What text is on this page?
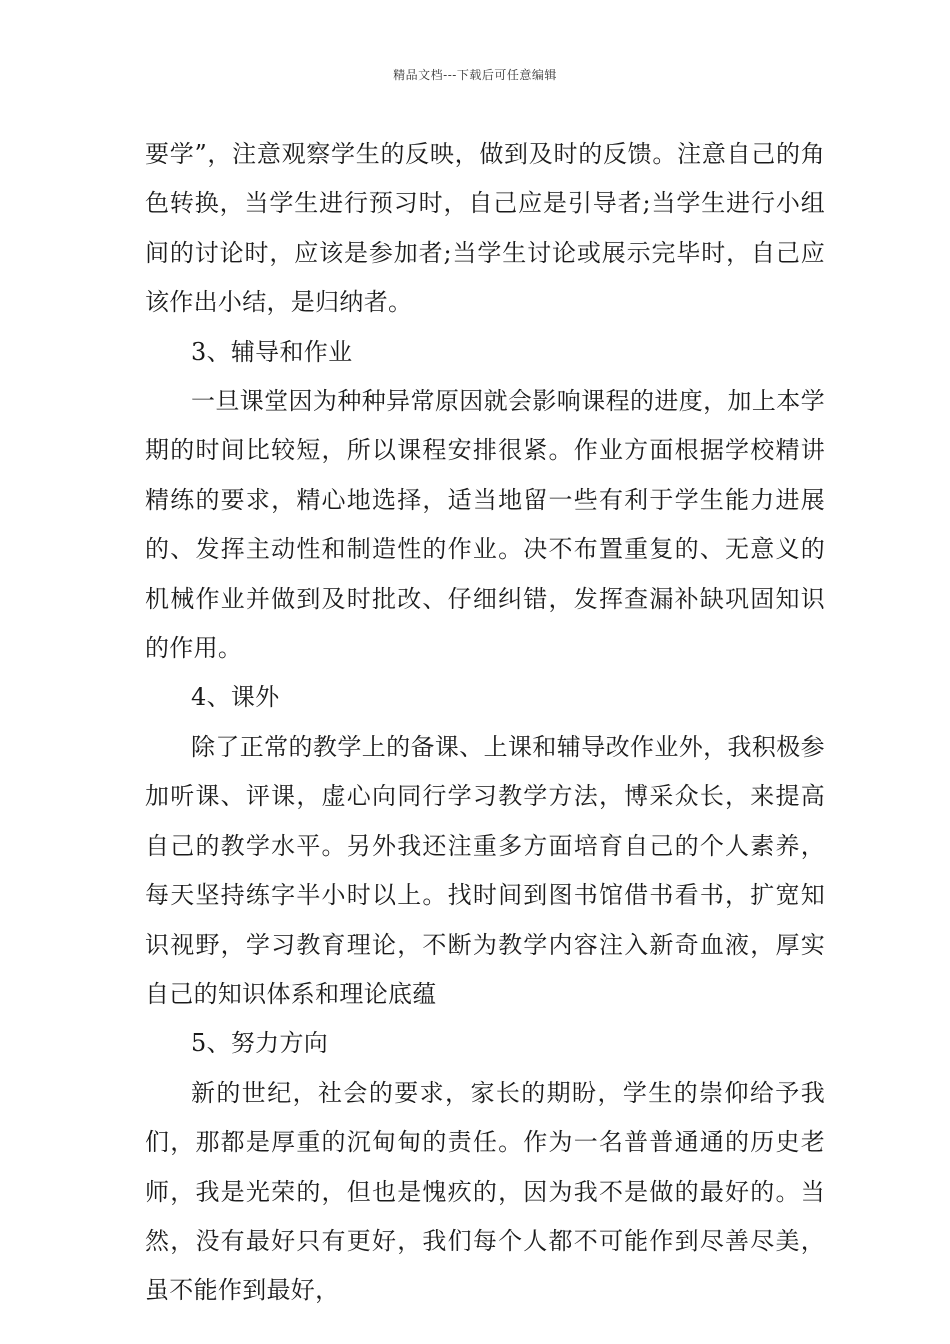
精品文档---下载后可任意编辑

要学”，注意观察学生的反映，做到及时的反馈。注意自己的角色转换，当学生进行预习时，自己应是引导者;当学生进行小组间的讨论时，应该是参加者;当学生讨论或展示完毕时，自己应该作出小结，是归纳者。

3、辅导和作业

一旦课堂因为种种异常原因就会影响课程的进度，加上本学期的时间比较短，所以课程安排很紧。作业方面根据学校精讲精练的要求，精心地选择，适当地留一些有利于学生能力进展的、发挥主动性和制造性的作业。决不布置重复的、无意义的机械作业并做到及时批改、仔细纠错，发挥查漏补缺巩固知识的作用。

4、课外

除了正常的教学上的备课、上课和辅导改作业外，我积极参加听课、评课，虚心向同行学习教学方法，博采众长，来提高自己的教学水平。另外我还注重多方面培育自己的个人素养，每天坚持练字半小时以上。找时间到图书馆借书看书，扩宽知识视野，学习教育理论，不断为教学内容注入新奇血液，厚实自己的知识体系和理论底蕴

5、努力方向

新的世纪，社会的要求，家长的期盼，学生的崇仰给予我们，那都是厚重的沉甸甸的责任。作为一名普普通通的历史老师，我是光荣的，但也是愧疚的，因为我不是做的最好的。当然，没有最好只有更好，我们每个人都不可能作到尽善尽美，虽不能作到最好，
